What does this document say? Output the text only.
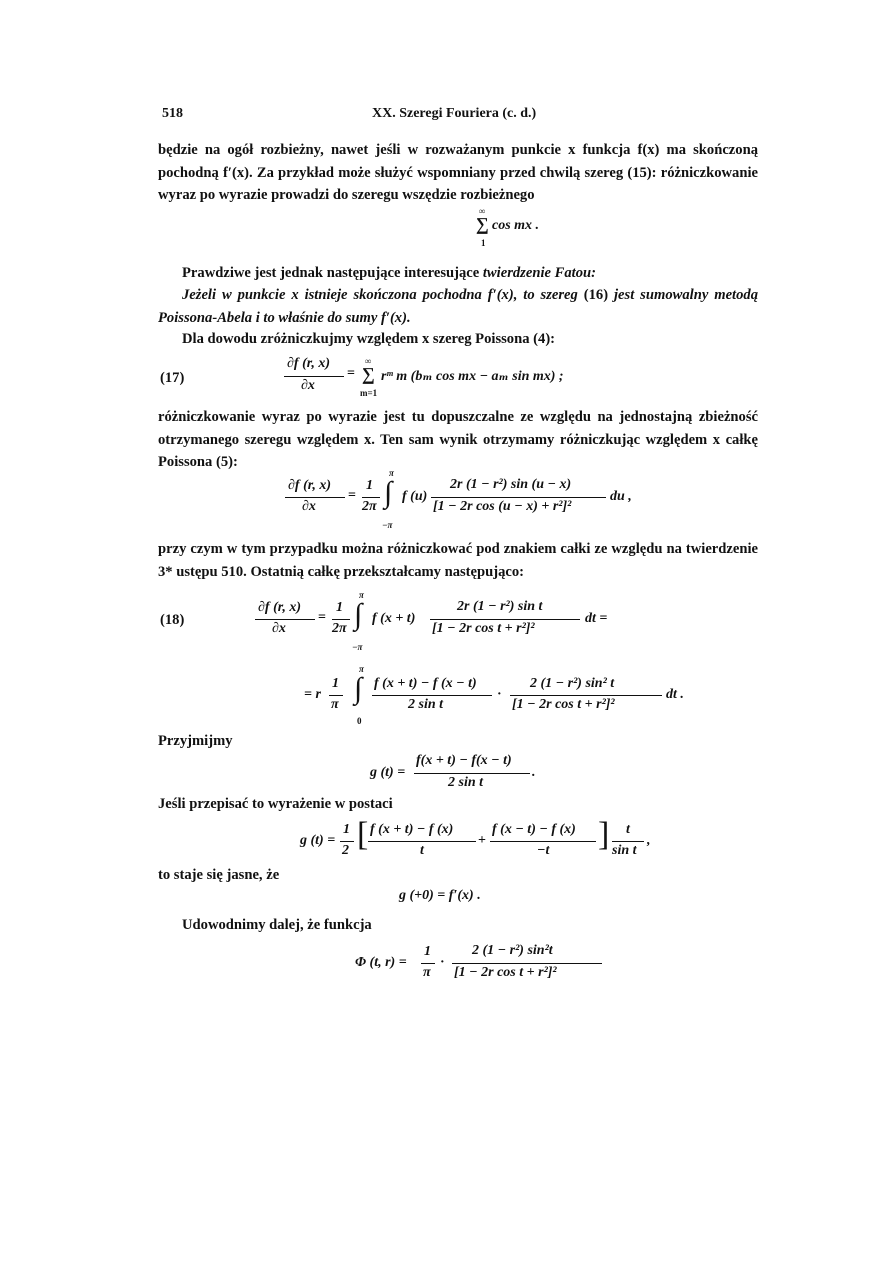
518	XX. Szeregi Fouriera (c. d.)
będzie na ogół rozbieżny, nawet jeśli w rozważanym punkcie x funkcja f(x) ma skończoną pochodną f′(x). Za przykład może służyć wspomniany przed chwilą szereg (15): różniczkowanie wyraz po wyrazie prowadzi do szeregu wszędzie rozbieżnego
∞
∑ cos mx .
1
Prawdziwe jest jednak następujące interesujące twierdzenie Fatou:
Jeżeli w punkcie x istnieje skończona pochodna f′(x), to szereg (16) jest sumowalny metodą Poissona-Abela i to właśnie do sumy f′(x).
Dla dowodu zróżniczkujmy względem x szereg Poissona (4):
(17)
∂f (r, x)
∂x
=
∞
∑
m=1
rᵐ m (bₘ cos mx − aₘ sin mx) ;
różniczkowanie wyraz po wyrazie jest tu dopuszczalne ze względu na jednostajną zbieżność otrzymanego szeregu względem x. Ten sam wynik otrzymamy różniczkując względem x całkę Poissona (5):
∂f (r, x)
∂x
=
1
2π
π
∫
−π
f (u)
2r (1 − r²) sin (u − x)
[1 − 2r cos (u − x) + r²]²
du ,
przy czym w tym przypadku można różniczkować pod znakiem całki ze względu na twierdzenie 3* ustępu 510. Ostatnią całkę przekształcamy następująco:
(18)
∂f (r, x)
∂x
=
1
2π
π
∫
−π
f (x + t)
2r (1 − r²) sin t
[1 − 2r cos t + r²]²
dt =
= r
1
π
π
∫
0
f (x + t) − f (x − t)
2 sin t
·
2 (1 − r²) sin² t
[1 − 2r cos t + r²]²
dt .
Przyjmijmy
g (t) =
f(x + t) − f(x − t)
2 sin t
.
Jeśli przepisać to wyrażenie w postaci
g (t) =
1
2 [ f (x + t) − f (x)
t
+
f (x − t) − f (x)
−t ] t
sin t
,
to staje się jasne, że
g (+0) = f′(x) .
Udowodnimy dalej, że funkcja
Φ (t, r) =
1
π
·
2 (1 − r²) sin²t
[1 − 2r cos t + r²]²
